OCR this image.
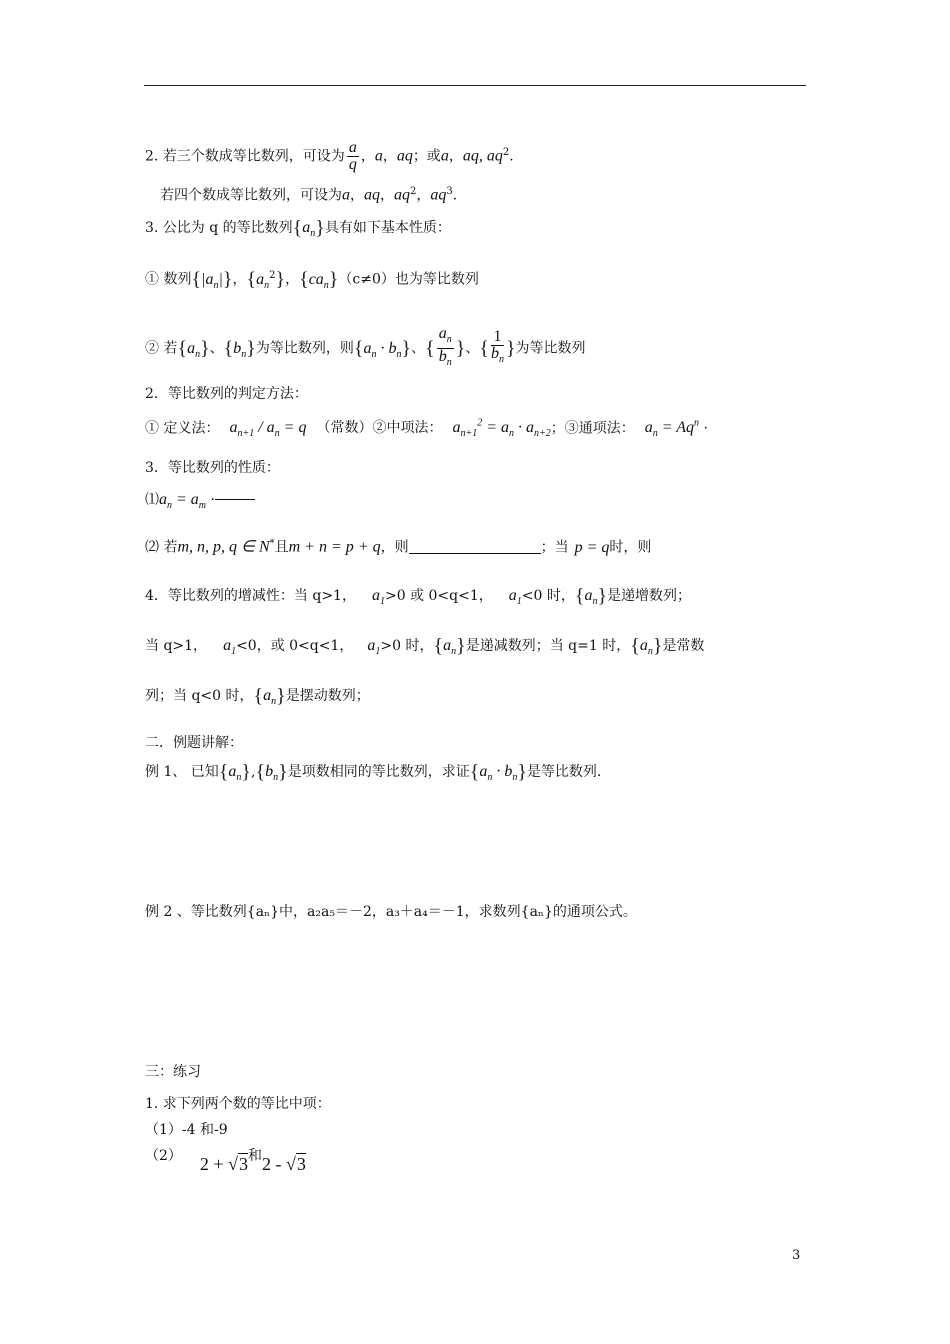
2. 若三个数成等比数列，可设为 $\frac{a}{q}$ ，a，aq；或a，aq, $aq^2$.
若四个数成等比数列，可设为a，aq，$aq^2$，$aq^3$.
3. 公比为 q 的等比数列$\{a_n\}$具有如下基本性质：
① 数列$\{|a_n|\}$，$\{a_n^2\}$，$\{ca_n\}(c\ne 0)$也为等比数列
② 若$\{a_n\}$、$\{b_n\}$为等比数列，则$\{a_n \cdot b_n\}$、{ $\frac{a_n}{b_n}$ }、{ $\frac{1}{b_n}$ }为等比数列
2．等比数列的判定方法：
① 定义法： $a_{n+1} / a_n = q$ （常数）②中项法： $a_{n+1}^2 = a_n \cdot a_{n+2}$；③通项法： $a_n = Aq^n$ ·
3．等比数列的性质：
$⑴a_n = a_m$ ·
⑵ 若m, n, p, q ∈ N*且m + n = p + q，则	；当 p = q时，则
4．等比数列的增减性：当 q>1， $a_1>0$ 或 0<q<1， $a_1<0$ 时，$\{a_n\}$是递增数列；
当 q>1， $a_1<0$，或 0<q<1， $a_1>0$ 时，$\{a_n\}$是递减数列；当 q=1 时，$\{a_n\}$是常数
列；当 q<0 时，$\{a_n\}$是摆动数列；
二．例题讲解：
例 1、 已知$\{a_n\},\{b_n\}$是项数相同的等比数列，求证$\{a_n \cdot b_n\}$是等比数列.
例 2 、等比数列{aₙ}中，a₂a₅＝－2，a₃＋a₄＝－1，求数列{aₙ}的通项公式。
三：练习
1. 求下列两个数的等比中项：
（1）-4 和-9
（2） 2 + √3和2 - √3
3
